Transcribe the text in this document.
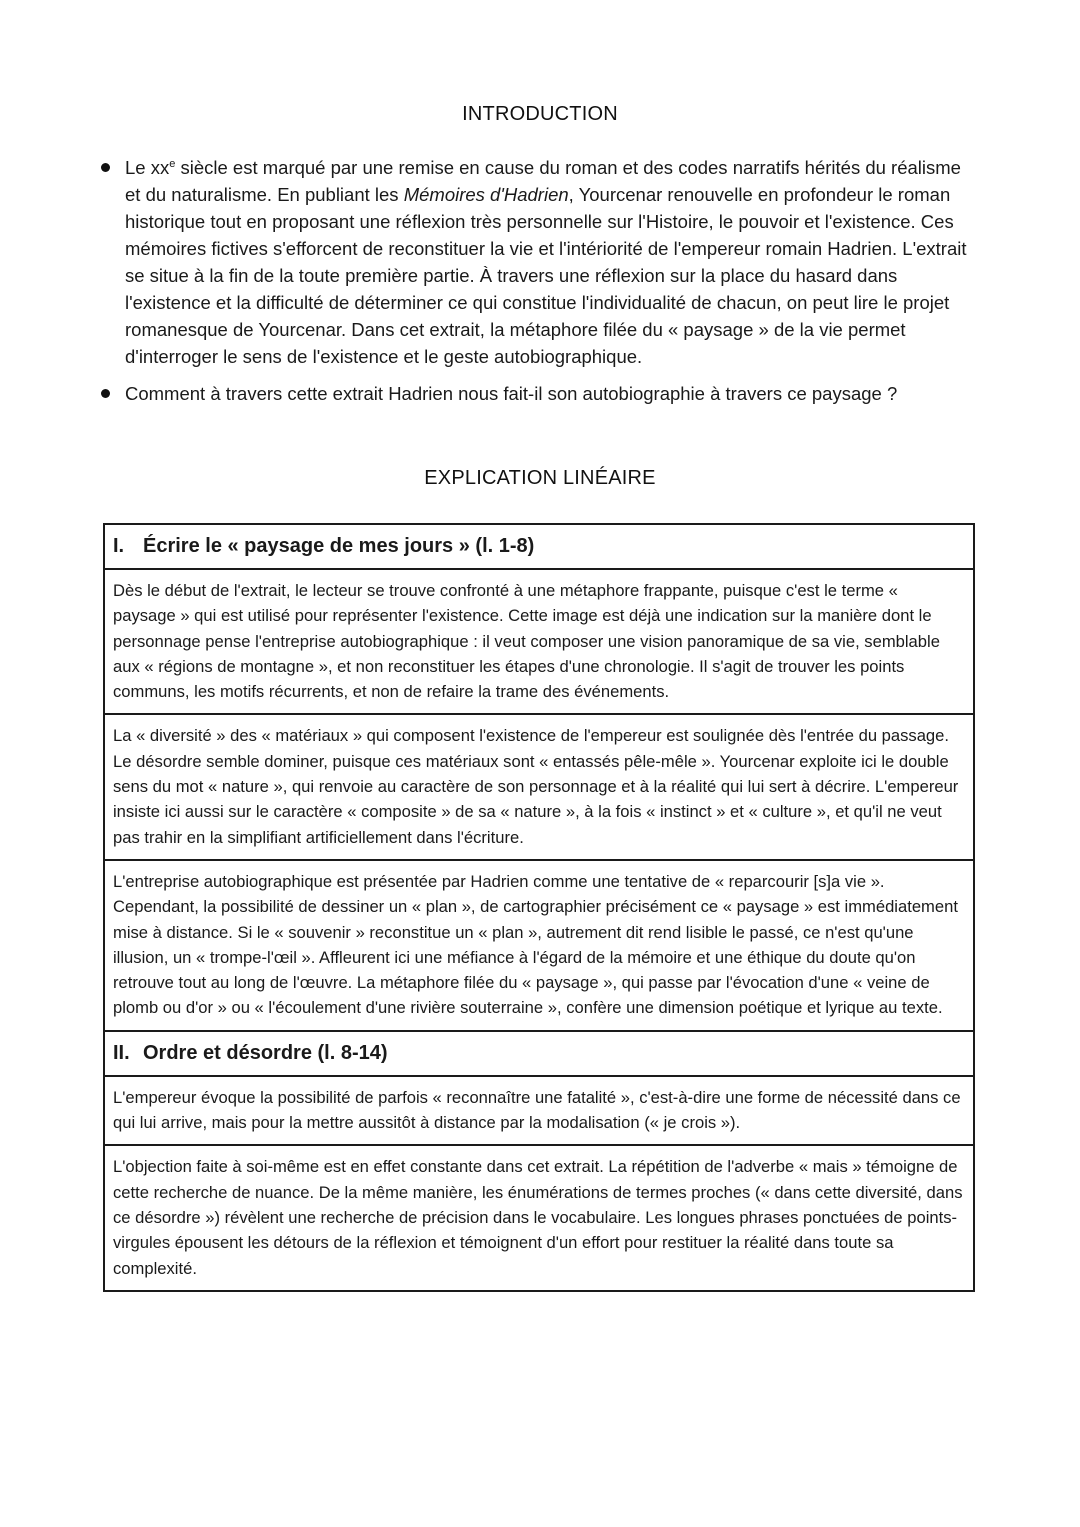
INTRODUCTION
Le $xx^e$ siècle est marqué par une remise en cause du roman et des codes narratifs hérités du réalisme et du naturalisme. En publiant les Mémoires d'Hadrien, Yourcenar renouvelle en profondeur le roman historique tout en proposant une réflexion très personnelle sur l'Histoire, le pouvoir et l'existence. Ces mémoires fictives s'efforcent de reconstituer la vie et l'intériorité de l'empereur romain Hadrien. L'extrait se situe à la fin de la toute première partie. À travers une réflexion sur la place du hasard dans l'existence et la difficulté de déterminer ce qui constitue l'individualité de chacun, on peut lire le projet romanesque de Yourcenar. Dans cet extrait, la métaphore filée du « paysage » de la vie permet d'interroger le sens de l'existence et le geste autobiographique.
Comment à travers cette extrait Hadrien nous fait-il son autobiographie à travers ce paysage ?
EXPLICATION LINÉAIRE
I. Écrire le « paysage de mes jours » (l. 1-8)
Dès le début de l'extrait, le lecteur se trouve confronté à une métaphore frappante, puisque c'est le terme « paysage » qui est utilisé pour représenter l'existence. Cette image est déjà une indication sur la manière dont le personnage pense l'entreprise autobiographique : il veut composer une vision panoramique de sa vie, semblable aux « régions de montagne », et non reconstituer les étapes d'une chronologie. Il s'agit de trouver les points communs, les motifs récurrents, et non de refaire la trame des événements.
La « diversité » des « matériaux » qui composent l'existence de l'empereur est soulignée dès l'entrée du passage. Le désordre semble dominer, puisque ces matériaux sont « entassés pêle-mêle ». Yourcenar exploite ici le double sens du mot « nature », qui renvoie au caractère de son personnage et à la réalité qui lui sert à décrire. L'empereur insiste ici aussi sur le caractère « composite » de sa « nature », à la fois « instinct » et « culture », et qu'il ne veut pas trahir en la simplifiant artificiellement dans l'écriture.
L'entreprise autobiographique est présentée par Hadrien comme une tentative de « reparcourir [s]a vie ». Cependant, la possibilité de dessiner un « plan », de cartographier précisément ce « paysage » est immédiatement mise à distance. Si le « souvenir » reconstitue un « plan », autrement dit rend lisible le passé, ce n'est qu'une illusion, un « trompe-l'œil ». Affleurent ici une méfiance à l'égard de la mémoire et une éthique du doute qu'on retrouve tout au long de l'œuvre. La métaphore filée du « paysage », qui passe par l'évocation d'une « veine de plomb ou d'or » ou « l'écoulement d'une rivière souterraine », confère une dimension poétique et lyrique au texte.
II. Ordre et désordre (l. 8-14)
L'empereur évoque la possibilité de parfois « reconnaître une fatalité », c'est-à-dire une forme de nécessité dans ce qui lui arrive, mais pour la mettre aussitôt à distance par la modalisation (« je crois »).
L'objection faite à soi-même est en effet constante dans cet extrait. La répétition de l'adverbe « mais » témoigne de cette recherche de nuance. De la même manière, les énumérations de termes proches (« dans cette diversité, dans ce désordre ») révèlent une recherche de précision dans le vocabulaire. Les longues phrases ponctuées de points-virgules épousent les détours de la réflexion et témoignent d'un effort pour restituer la réalité dans toute sa complexité.
